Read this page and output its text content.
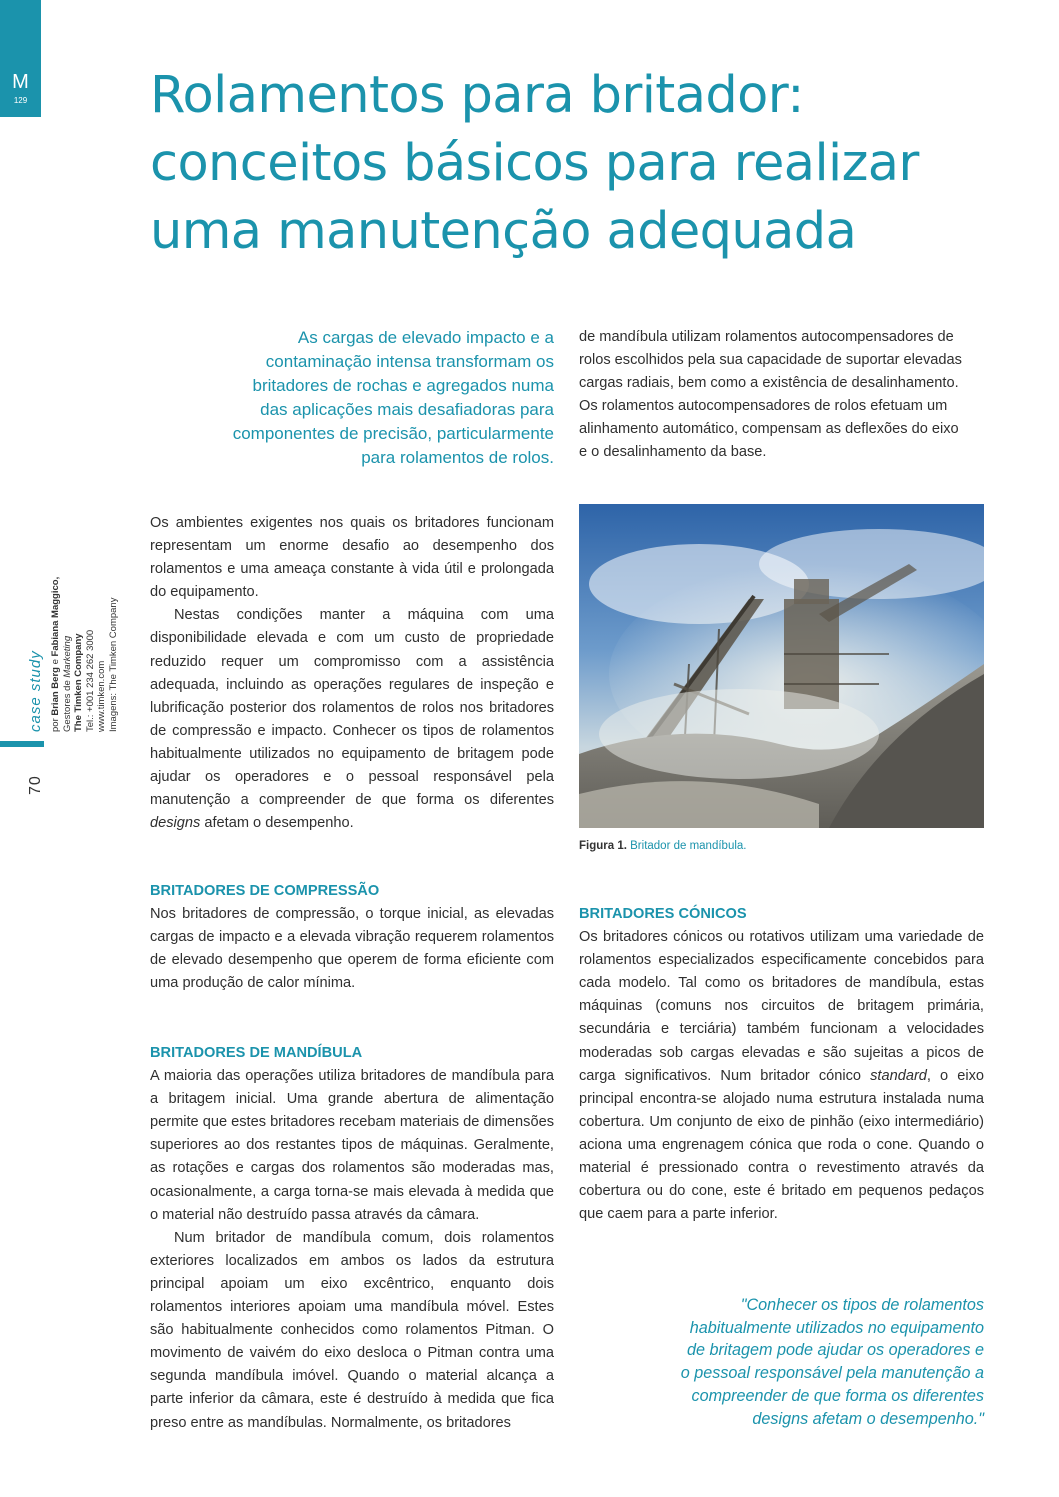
M
129 Rolamentos para britador:
conceitos básicos para realizar
uma manutenção adequada
As cargas de elevado impacto e a
contaminação intensa transformam os
britadores de rochas e agregados numa
das aplicações mais desafiadoras para
componentes de precisão, particularmente
para rolamentos de rolos.
case study por Brian Berg e Fabiana Maggico,
Gestores de Marketing
The Timken Company
Tel.: +001 234 262 3000
www.timken.com
Imagens: The Timken Company
70
de mandíbula utilizam rolamentos autocompensadores de
rolos escolhidos pela sua capacidade de suportar elevadas
cargas radiais, bem como a existência de desalinhamento.
Os rolamentos autocompensadores de rolos efetuam um
alinhamento automático, compensam as deflexões do eixo
e o desalinhamento da base.

Os ambientes exigentes nos quais os britadores funcionam representam um enorme desafio ao desempenho dos rolamentos e uma ameaça constante à vida útil e prolongada do equipamento.

Nestas condições manter a máquina com uma disponibilidade elevada e com um custo de propriedade reduzido requer um compromisso com a assistência adequada, incluindo as operações regulares de inspeção e lubrificação posterior dos rolamentos de rolos nos britadores de compressão e impacto. Conhecer os tipos de rolamentos habitualmente utilizados no equipamento de britagem pode ajudar os operadores e o pessoal responsável pela manutenção a compreender de que forma os diferentes designs afetam o desempenho.

BRITADORES DE COMPRESSÃO

Nos britadores de compressão, o torque inicial, as elevadas cargas de impacto e a elevada vibração requerem rolamentos de elevado desempenho que operem de forma eficiente com uma produção de calor mínima.

BRITADORES DE MANDÍBULA

A maioria das operações utiliza britadores de mandíbula para a britagem inicial. Uma grande abertura de alimentação permite que estes britadores recebam materiais de dimensões superiores ao dos restantes tipos de máquinas. Geralmente, as rotações e cargas dos rolamentos são moderadas mas, ocasionalmente, a carga torna-se mais elevada à medida que o material não destruído passa através da câmara.

Num britador de mandíbula comum, dois rolamentos exteriores localizados em ambos os lados da estrutura principal apoiam um eixo excêntrico, enquanto dois rolamentos interiores apoiam uma mandíbula móvel. Estes são habitualmente conhecidos como rolamentos Pitman. O movimento de vaivém do eixo desloca o Pitman contra uma segunda mandíbula imóvel. Quando o material alcança a parte inferior da câmara, este é destruído à medida que fica preso entre as mandíbulas. Normalmente, os britadores

Figura 1. Britador de mandíbula.
BRITADORES CÓNICOS

Os britadores cónicos ou rotativos utilizam uma variedade de rolamentos especializados especificamente concebidos para cada modelo. Tal como os britadores de mandíbula, estas máquinas (comuns nos circuitos de britagem primária, secundária e terciária) também funcionam a velocidades moderadas sob cargas elevadas e são sujeitas a picos de carga significativos. Num britador cónico standard, o eixo principal encontra-se alojado numa estrutura instalada numa cobertura. Um conjunto de eixo de pinhão (eixo intermediário) aciona uma engrenagem cónica que roda o cone. Quando o material é pressionado contra o revestimento através da cobertura ou do cone, este é britado em pequenos pedaços que caem para a parte inferior.

"Conhecer os tipos de rolamentos
habitualmente utilizados no equipamento
de britagem pode ajudar os operadores e
o pessoal responsável pela manutenção a
compreender de que forma os diferentes
designs afetam o desempenho."
